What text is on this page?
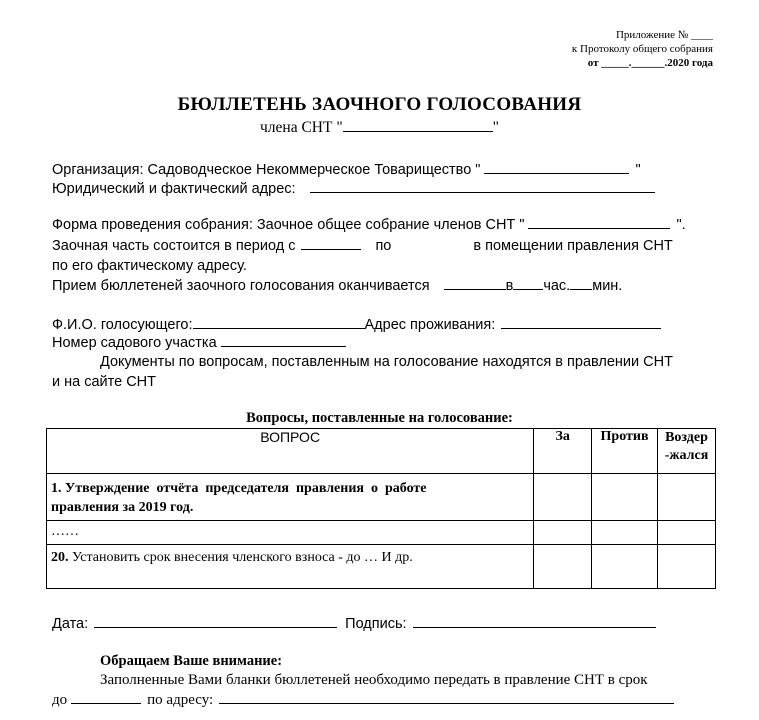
Приложение № ____
к Протоколу общего собрания
от _____.______.2020 года
БЮЛЛЕТЕНЬ ЗАОЧНОГО ГОЛОСОВАНИЯ
члена СНТ "	"
Организация: Садоводческое Некоммерческое Товарищество "	"
Юридический и фактический адрес:
Форма проведения собрания: Заочное общее собрание членов СНТ "	".
Заочная часть состоится в период с	по	в помещении правления СНТ
по его фактическому адресу.
Прием бюллетеней заочного голосования оканчивается	в час. мин.
Ф.И.О. голосующего:	Адрес проживания:
Номер садового участка
Документы по вопросам, поставленным на голосование находятся в правлении СНТ
и на сайте СНТ
Вопросы, поставленные на голосование:
ВОПРОС	За	Против	Воздер
-жался
1. Утверждение  отчёта  председателя  правления  о  работе
правления за 2019 год.			
……			
20. Установить срок внесения членского взноса - до … И др.			
Дата:	Подпись:
Обращаем Ваше внимание:
Заполненные Вами бланки бюллетеней необходимо передать в правление СНТ в срок
до	по адресу:
